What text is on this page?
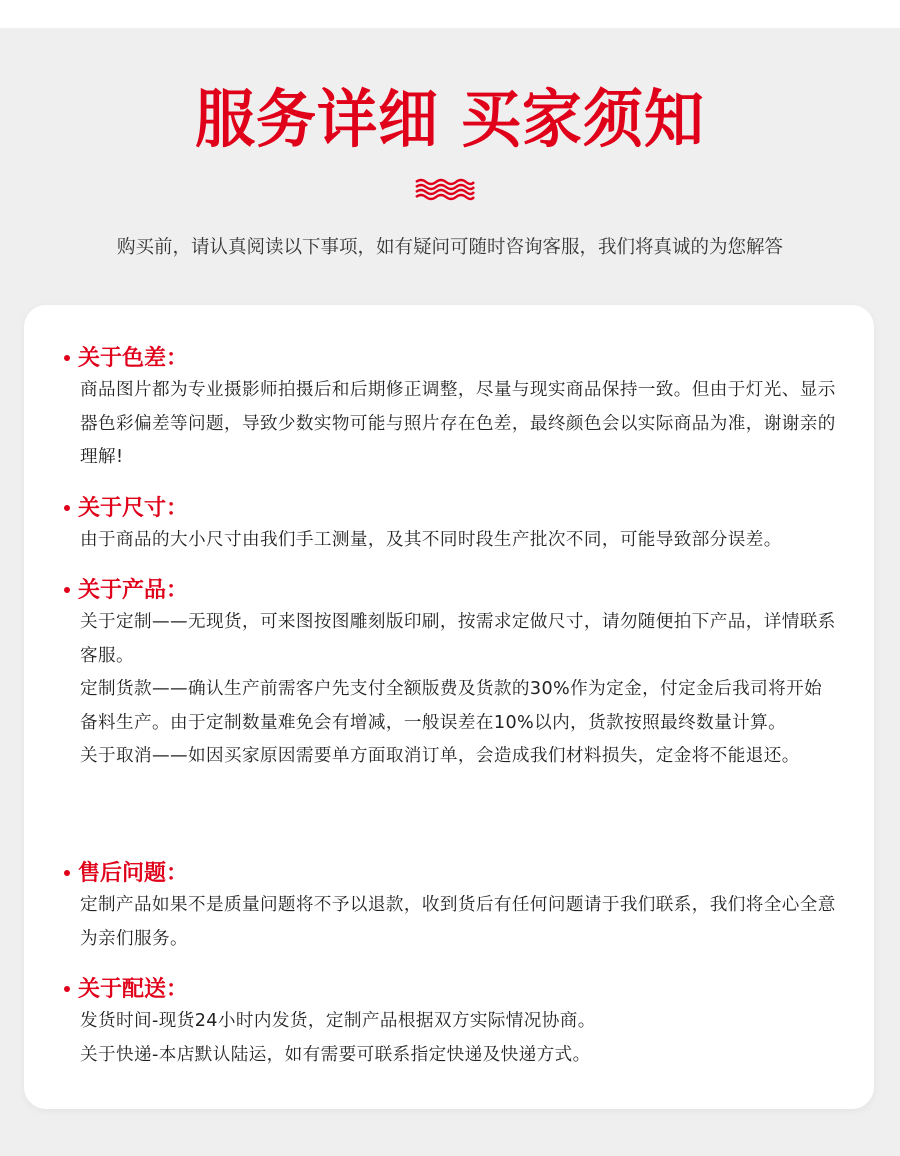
服务详细 买家须知
购买前，请认真阅读以下事项，如有疑问可随时咨询客服，我们将真诚的为您解答
关于色差：
商品图片都为专业摄影师拍摄后和后期修正调整，尽量与现实商品保持一致。但由于灯光、显示器色彩偏差等问题，导致少数实物可能与照片存在色差，最终颜色会以实际商品为准，谢谢亲的理解!
关于尺寸：
由于商品的大小尺寸由我们手工测量，及其不同时段生产批次不同，可能导致部分误差。
关于产品：
关于定制——无现货，可来图按图雕刻版印刷，按需求定做尺寸，请勿随便拍下产品，详情联系客服。
定制货款——确认生产前需客户先支付全额版费及货款的30%作为定金，付定金后我司将开始备料生产。由于定制数量难免会有增减，一般误差在10%以内，货款按照最终数量计算。
关于取消——如因买家原因需要单方面取消订单，会造成我们材料损失，定金将不能退还。
售后问题：
定制产品如果不是质量问题将不予以退款，收到货后有任何问题请于我们联系，我们将全心全意为亲们服务。
关于配送：
发货时间-现货24小时内发货，定制产品根据双方实际情况协商。
关于快递-本店默认陆运，如有需要可联系指定快递及快递方式。
